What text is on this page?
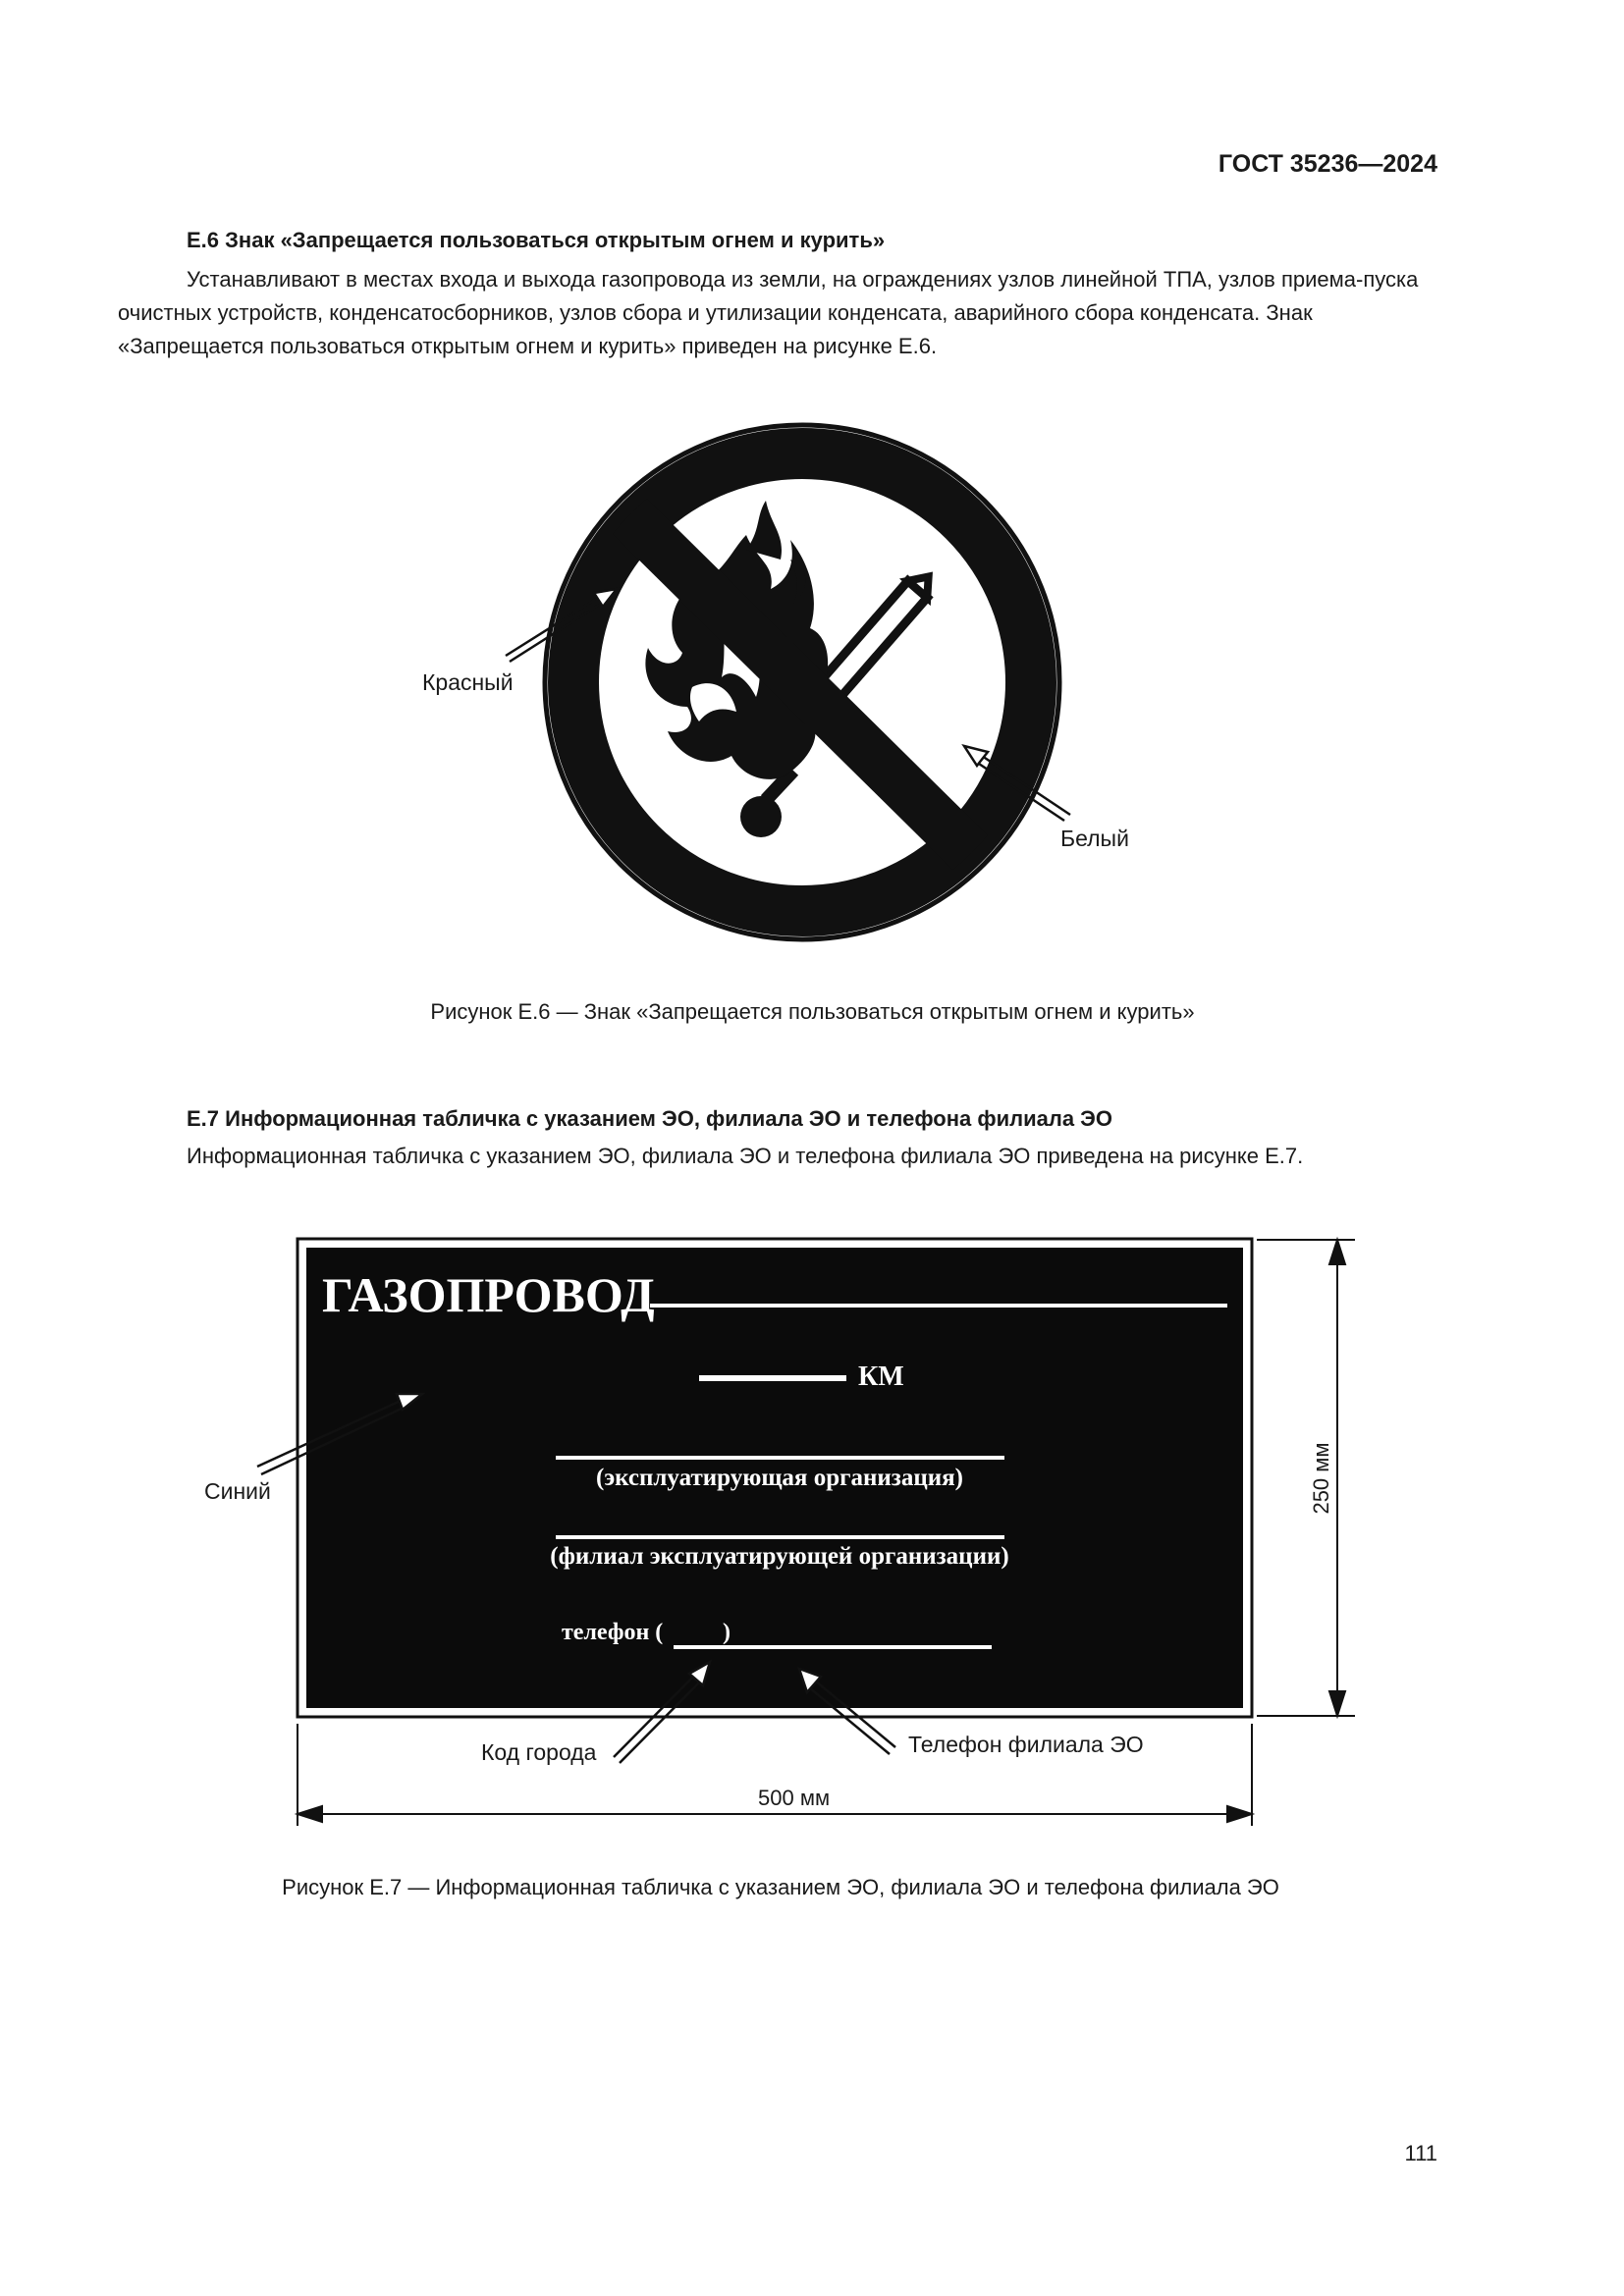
ГОСТ 35236—2024
Е.6 Знак «Запрещается пользоваться открытым огнем и курить»
Устанавливают в местах входа и выхода газопровода из земли, на ограждениях узлов линейной ТПА, узлов приема-пуска очистных устройств, конденсатосборников, узлов сбора и утилизации конденсата, аварийного сбора конденсата. Знак «Запрещается пользоваться открытым огнем и курить» приведен на рисунке Е.6.
Красный
Белый
Рисунок Е.6 — Знак «Запрещается пользоваться открытым огнем и курить»
Е.7 Информационная табличка с указанием ЭО, филиала ЭО и телефона филиала ЭО
Информационная табличка с указанием ЭО, филиала ЭО и телефона филиала ЭО приведена на рисунке Е.7.
ГАЗОПРОВОД
КМ
(эксплуатирующая организация)
(филиал эксплуатирующей организации)
телефон (	)
250 мм
Синий
Код города	Телефон филиала ЭО
500 мм
Рисунок Е.7 — Информационная табличка с указанием ЭО, филиала ЭО и телефона филиала ЭО
111
